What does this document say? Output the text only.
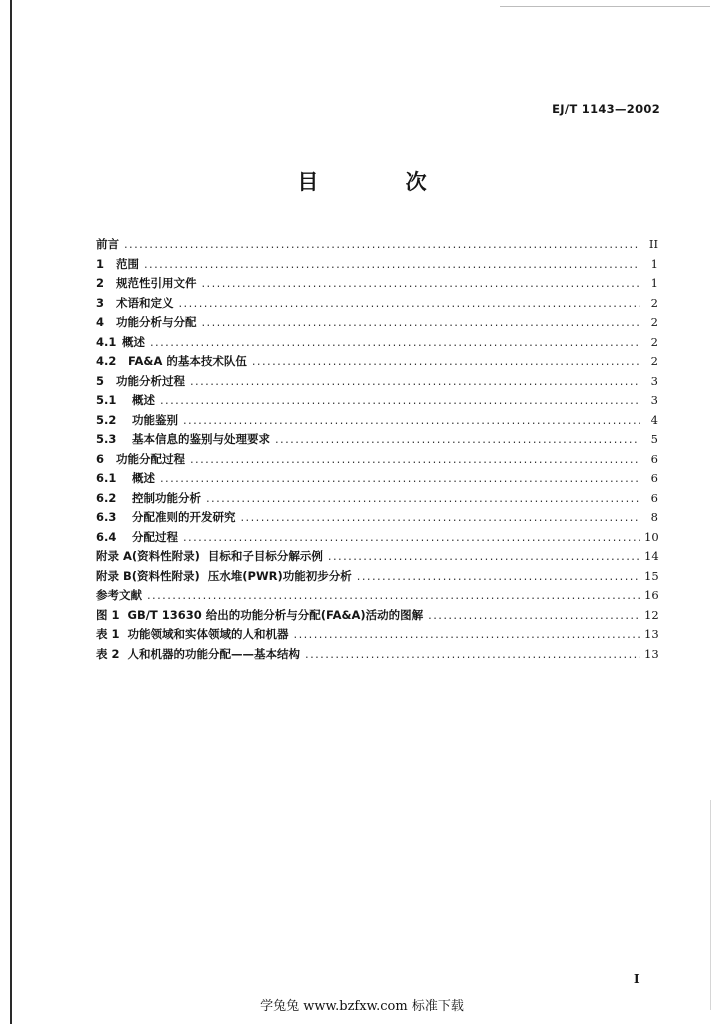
EJ/T 1143—2002
目 次
前言 .....	II
1	范围 .....	1
2	规范性引用文件 .....	1
3	术语和定义 .....	2
4	功能分析与分配 .....	2
4.1 概述 .....	2
4.2	FA&A 的基本技术队伍 .....	2
5	功能分析过程 .....	3
5.1	概述 .....	3
5.2	功能鉴别 .....	4
5.3	基本信息的鉴别与处理要求 .....	5
6	功能分配过程 .....	6
6.1	概述 .....	6
6.2	控制功能分析 .....	6
6.3	分配准则的开发研究 .....	8
6.4	分配过程 .....	10
附录 A(资料性附录)  目标和子目标分解示例 .....	14
附录 B(资料性附录)  压水堆(PWR)功能初步分析 .....	15
参考文献 .....	16
图 1  GB/T 13630 给出的功能分析与分配(FA&A)活动的图解 .....	12
表 1  功能领域和实体领域的人和机器 .....	13
表 2  人和机器的功能分配——基本结构 .....	13
I
学兔兔 www.bzfxw.com 标准下载
